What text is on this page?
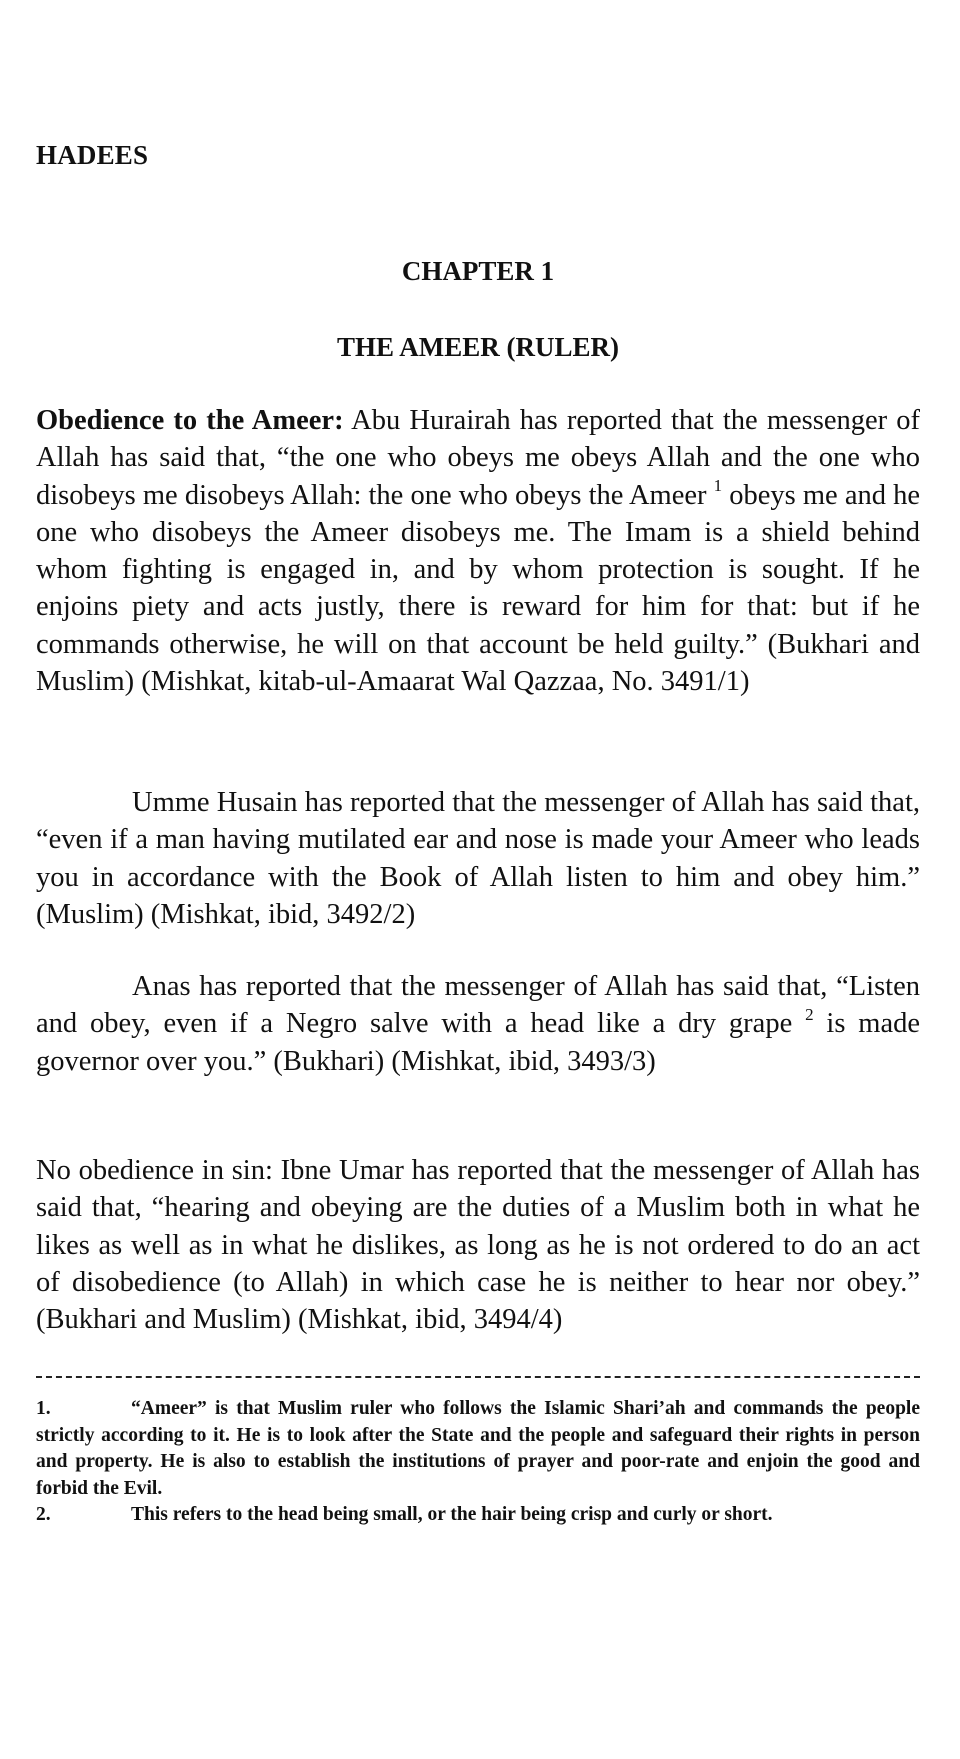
HADEES
CHAPTER 1
THE AMEER (RULER)

Obedience to the Ameer: Abu Hurairah has reported that the messenger of Allah has said that, “the one who obeys me obeys Allah and the one who disobeys me disobeys Allah: the one who obeys the Ameer $^1$ obeys me and he one who disobeys the Ameer disobeys me. The Imam is a shield behind whom fighting is engaged in, and by whom protection is sought. If he enjoins piety and acts justly, there is reward for him for that: but if he commands otherwise, he will on that account be held guilty.” (Bukhari and Muslim) (Mishkat, kitab-ul-Amaarat Wal Qazzaa, No. 3491/1)

Umme Husain has reported that the messenger of Allah has said that, “even if a man having mutilated ear and nose is made your Ameer who leads you in accordance with the Book of Allah listen to him and obey him.” (Muslim) (Mishkat, ibid, 3492/2)

Anas has reported that the messenger of Allah has said that, “Listen and obey, even if a Negro salve with a head like a dry grape $^2$ is made governor over you.” (Bukhari) (Mishkat, ibid, 3493/3)

No obedience in sin: Ibne Umar has reported that the messenger of Allah has said that, “hearing and obeying are the duties of a Muslim both in what he likes as well as in what he dislikes, as long as he is not ordered to do an act of disobedience (to Allah) in which case he is neither to hear nor obey.” (Bukhari and Muslim) (Mishkat, ibid, 3494/4)

1.	“Ameer” is that Muslim ruler who follows the Islamic Shari’ah and commands the people strictly according to it. He is to look after the State and the people and safeguard their rights in person and property. He is also to establish the institutions of prayer and poor-rate and enjoin the good and forbid the Evil.
2.	This refers to the head being small, or the hair being crisp and curly or short.
